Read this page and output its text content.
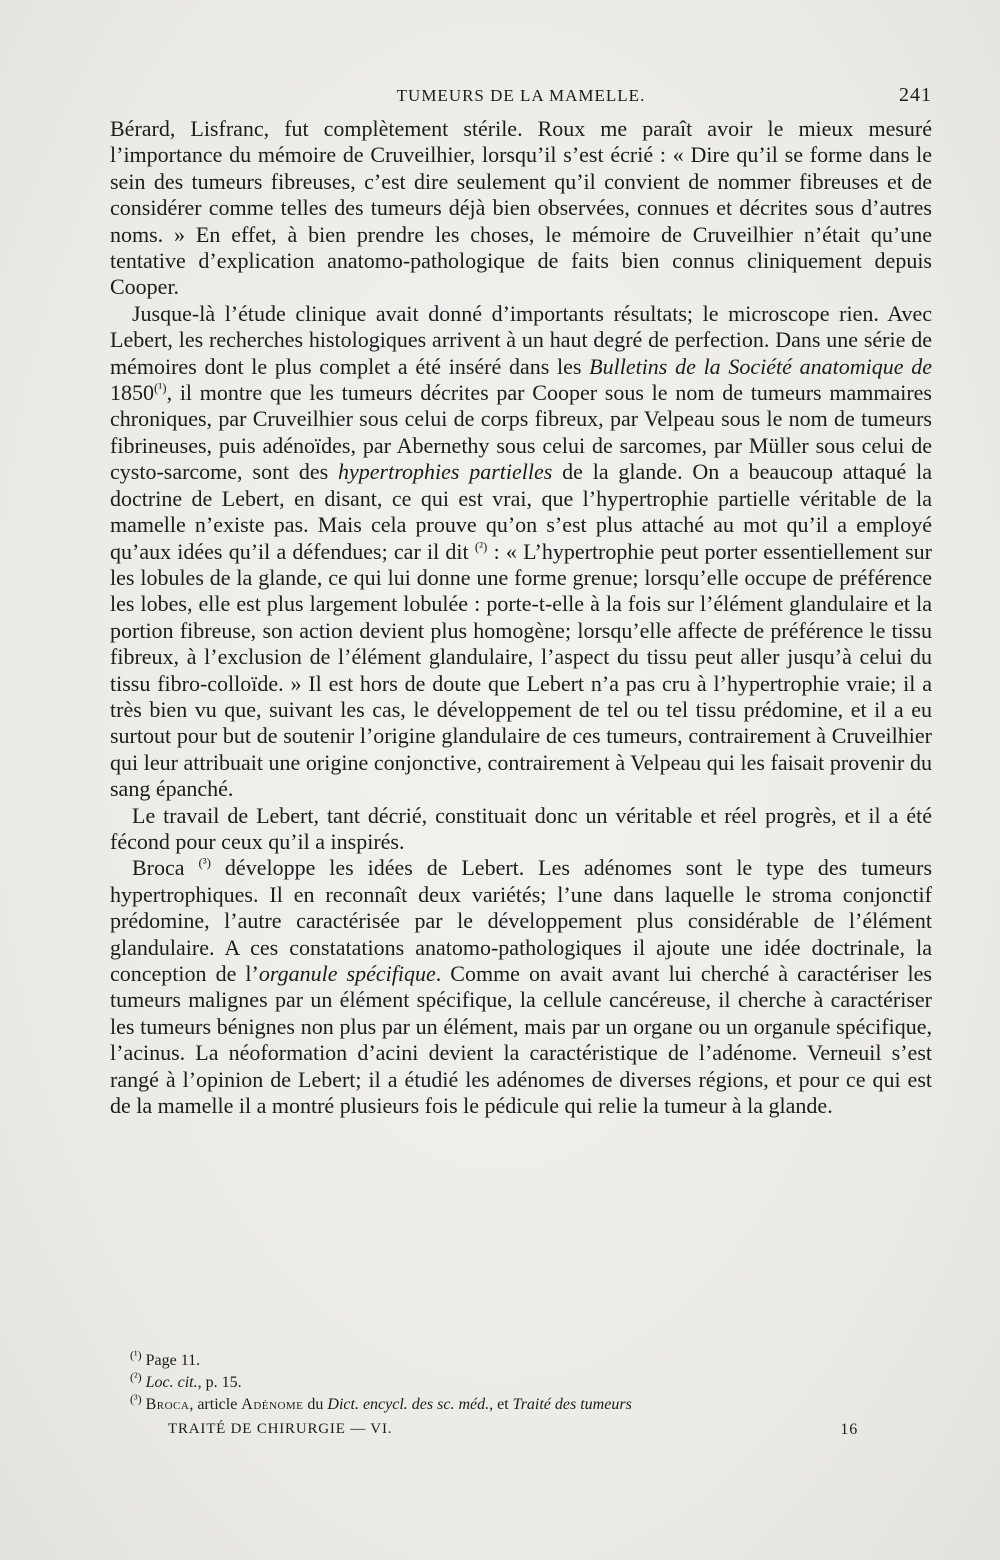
TUMEURS DE LA MAMELLE.	241

Bérard, Lisfranc, fut complètement stérile. Roux me paraît avoir le mieux mesuré l’importance du mémoire de Cruveilhier, lorsqu’il s’est écrié : « Dire qu’il se forme dans le sein des tumeurs fibreuses, c’est dire seulement qu’il convient de nommer fibreuses et de considérer comme telles des tumeurs déjà bien observées, connues et décrites sous d’autres noms. » En effet, à bien prendre les choses, le mémoire de Cruveilhier n’était qu’une tentative d’explication anatomo-pathologique de faits bien connus cliniquement depuis Cooper.

Jusque-là l’étude clinique avait donné d’importants résultats; le microscope rien. Avec Lebert, les recherches histologiques arrivent à un haut degré de perfection. Dans une série de mémoires dont le plus complet a été inséré dans les Bulletins de la Société anatomique de $1850^{(^1)}$, il montre que les tumeurs décrites par Cooper sous le nom de tumeurs mammaires chroniques, par Cruveilhier sous celui de corps fibreux, par Velpeau sous le nom de tumeurs fibrineuses, puis adénoïdes, par Abernethy sous celui de sarcomes, par Müller sous celui de cysto-sarcome, sont des hypertrophies partielles de la glande. On a beaucoup attaqué la doctrine de Lebert, en disant, ce qui est vrai, que l’hypertrophie partielle véritable de la mamelle n’existe pas. Mais cela prouve qu’on s’est plus attaché au mot qu’il a employé qu’aux idées qu’il a défendues; car il dit $^{(^2)}$ : « L’hypertrophie peut porter essentiellement sur les lobules de la glande, ce qui lui donne une forme grenue; lorsqu’elle occupe de préférence les lobes, elle est plus largement lobulée : porte-t-elle à la fois sur l’élément glandulaire et la portion fibreuse, son action devient plus homogène; lorsqu’elle affecte de préférence le tissu fibreux, à l’exclusion de l’élément glandulaire, l’aspect du tissu peut aller jusqu’à celui du tissu fibro-colloïde. » Il est hors de doute que Lebert n’a pas cru à l’hypertrophie vraie; il a très bien vu que, suivant les cas, le développement de tel ou tel tissu prédomine, et il a eu surtout pour but de soutenir l’origine glandulaire de ces tumeurs, contrairement à Cruveilhier qui leur attribuait une origine conjonctive, contrairement à Velpeau qui les faisait provenir du sang épanché.

Le travail de Lebert, tant décrié, constituait donc un véritable et réel progrès, et il a été fécond pour ceux qu’il a inspirés.

Broca $^{(^3)}$ développe les idées de Lebert. Les adénomes sont le type des tumeurs hypertrophiques. Il en reconnaît deux variétés; l’une dans laquelle le stroma conjonctif prédomine, l’autre caractérisée par le développement plus considérable de l’élément glandulaire. A ces constatations anatomo-pathologiques il ajoute une idée doctrinale, la conception de l’organule spécifique. Comme on avait avant lui cherché à caractériser les tumeurs malignes par un élément spécifique, la cellule cancéreuse, il cherche à caractériser les tumeurs bénignes non plus par un élément, mais par un organe ou un organule spécifique, l’acinus. La néoformation d’acini devient la caractéristique de l’adénome. Verneuil s’est rangé à l’opinion de Lebert; il a étudié les adénomes de diverses régions, et pour ce qui est de la mamelle il a montré plusieurs fois le pédicule qui relie la tumeur à la glande.

$^{(^1)}$ Page 11.
$^{(^2)}$ Loc. cit., p. 15.
$^{(^3)}$ Broca, article Adénome du Dict. encycl. des sc. méd., et Traité des tumeurs
TRAITÉ DE CHIRURGIE — VI.	16
